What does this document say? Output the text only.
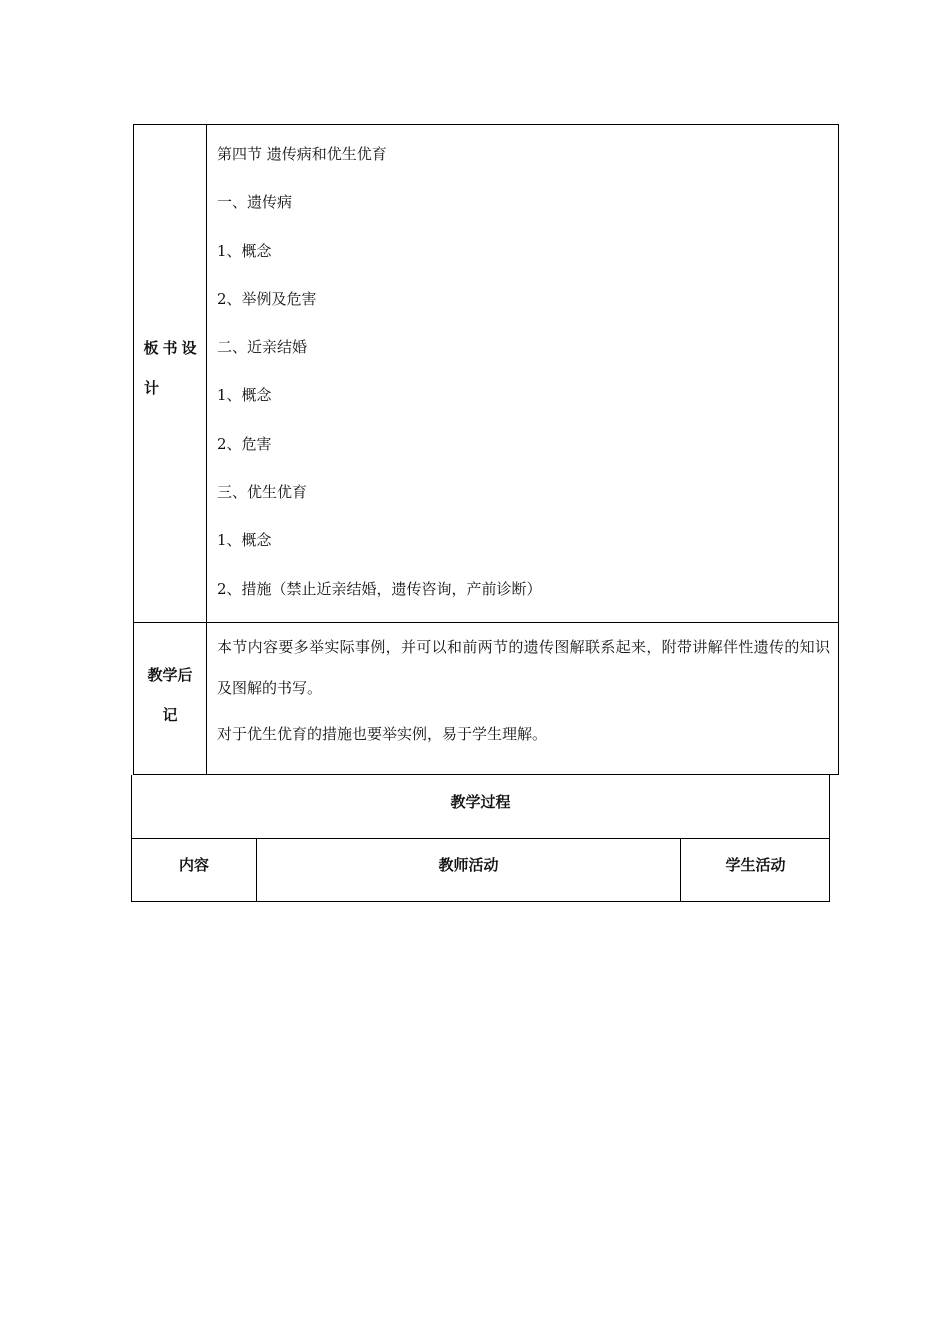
板书设
计
第四节 遗传病和优生优育
一、遗传病
1、概念
2、举例及危害
二、近亲结婚
1、概念
2、危害
三、优生优育
1、概念
2、措施（禁止近亲结婚，遗传咨询，产前诊断）
教学后
记

本节内容要多举实际事例，并可以和前两节的遗传图解联系起来，附带讲解伴性遗传的知识及图解的书写。

对于优生优育的措施也要举实例，易于学生理解。

教学过程
内容	教师活动	学生活动
